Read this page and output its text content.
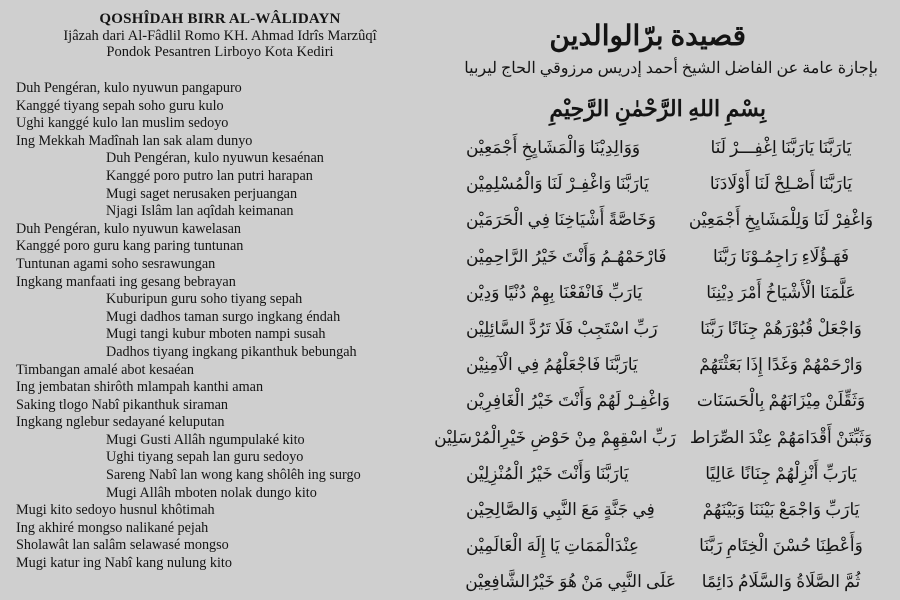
QOSHÎDAH BIRR AL-WÂLIDAYN
Ijâzah dari Al-Fâdlil Romo KH. Ahmad Idrîs Marzûqî
Pondok Pesantren Lirboyo Kota Kediri
Duh Pengéran, kulo nyuwun pangapuro
Kanggé tiyang sepah soho guru kulo
Ughi kanggé kulo lan muslim sedoyo
Ing Mekkah Madînah lan sak alam dunyo
Duh Pengéran, kulo nyuwun kesaénan
Kanggé poro putro lan putri harapan
Mugi saget nerusaken perjuangan
Njagi Islâm lan aqîdah keimanan
Duh Pengéran, kulo nyuwun kawelasan
Kanggé poro guru kang paring tuntunan
Tuntunan agami soho sesrawungan
Ingkang manfaati ing gesang bebrayan
Kuburipun guru soho tiyang sepah
Mugi dadhos taman surgo ingkang éndah
Mugi tangi kubur mboten nampi susah
Dadhos tiyang ingkang pikanthuk bebungah
Timbangan amalé abot kesaéan
Ing jembatan shirôth mlampah kanthi aman
Saking tlogo Nabî pikanthuk siraman
Ingkang nglebur sedayané keluputan
Mugi Gusti Allâh ngumpulaké kito
Ughi tiyang sepah lan guru sedoyo
Sareng Nabî lan wong kang shôlêh ing surgo
Mugi Allâh mboten nolak dungo kito
Mugi kito sedoyo husnul khôtimah
Ing akhiré mongso nalikané pejah
Sholawât lan salâm selawasé mongso
Mugi katur ing Nabî kang nulung kito
قصيدة برّالوالدين
بإجازة عامة عن الفاضل الشيخ أحمد إدريس مرزوقي الحاج ليربيا
بِسْمِ اللهِ الرَّحْمٰنِ الرَّحِيْمِ
يَارَبَّنَا يَارَبَّنَا اِغْفِـــرْ لَنَا
وَوَالِدِيْنَا وَالْمَشَايِخِ أَجْمَعِيْن
يَارَبَّنَا أَصْـلِحْ لَنَا أَوْلَادَنَا
يَارَبَّنَا وَاغْفِـرْ لَنَا وَالْمُسْلِمِيْن
وَاغْفِرْ لَنَا وَلِلْمَشَايِخِ أَجْمَعِيْن
وَخَاصَّةً أَشْيَاخِنَا فِي الْحَرَمَيْن
فَهَـؤُلَاءِ رَاجِمُـوْنَا رَبَّنَا
فَارْحَمْهُـمُ وَأَنْتَ خَيْرُ الرَّاحِمِيْن
عَلَّمَنَا الْأَشْيَاخُ أَمْرَ دِيْنِنَا
يَارَبِّ فَانْفَعْنَا بِهِمْ دُنْيًا وَدِيْن
وَاجْعَلْ قُبُوْرَهُمْ جِنَانًا رَبَّنَا
رَبِّ اسْتَجِبْ فَلَا تَرُدَّ السَّائِلِيْن
وَارْحَمْهُمْ وَغَدًا إِذَا بَعَثْتَهُمْ
يَارَبَّنَا فَاجْعَلْهُمُ فِي الْآمِنِيْن
وَثَقِّلَنْ مِيْزَانَهُمْ بِالْحَسَنَات
وَاغْفِـرْ لَهُمْ وَأَنْتَ خَيْرُ الْغَافِرِيْن
وَثَبِّتَنْ أَقْدَامَهُمْ عِنْدَ الصِّرَاط
رَبِّ اسْقِهِمْ مِنْ حَوْضِ خَيْرِالْمُرْسَلِيْن
يَارَبِّ أَنْزِلْهُمْ جِنَانًا عَالِيًا
يَارَبَّنَا وَأَنْتَ خَيْرُ الْمُنْزِلِيْن
يَارَبِّ وَاجْمَعْ بَيْنَنَا وَبَيْنَهُمْ
فِي جَنَّةٍ مَعَ النَّبِي وَالصَّالِحِيْن
وَأَعْطِنَا حُسْنَ الْخِتَامِ رَبَّنَا
عِنْدَالْمَمَاتِ يَا إِلَهَ الْعَالَمِيْن
ثُمَّ الصَّلَاةُ وَالسَّلَامُ دَائِمًا
عَلَى النَّبِي مَنْ هُوَ خَيْرُالشَّافِعِيْن
